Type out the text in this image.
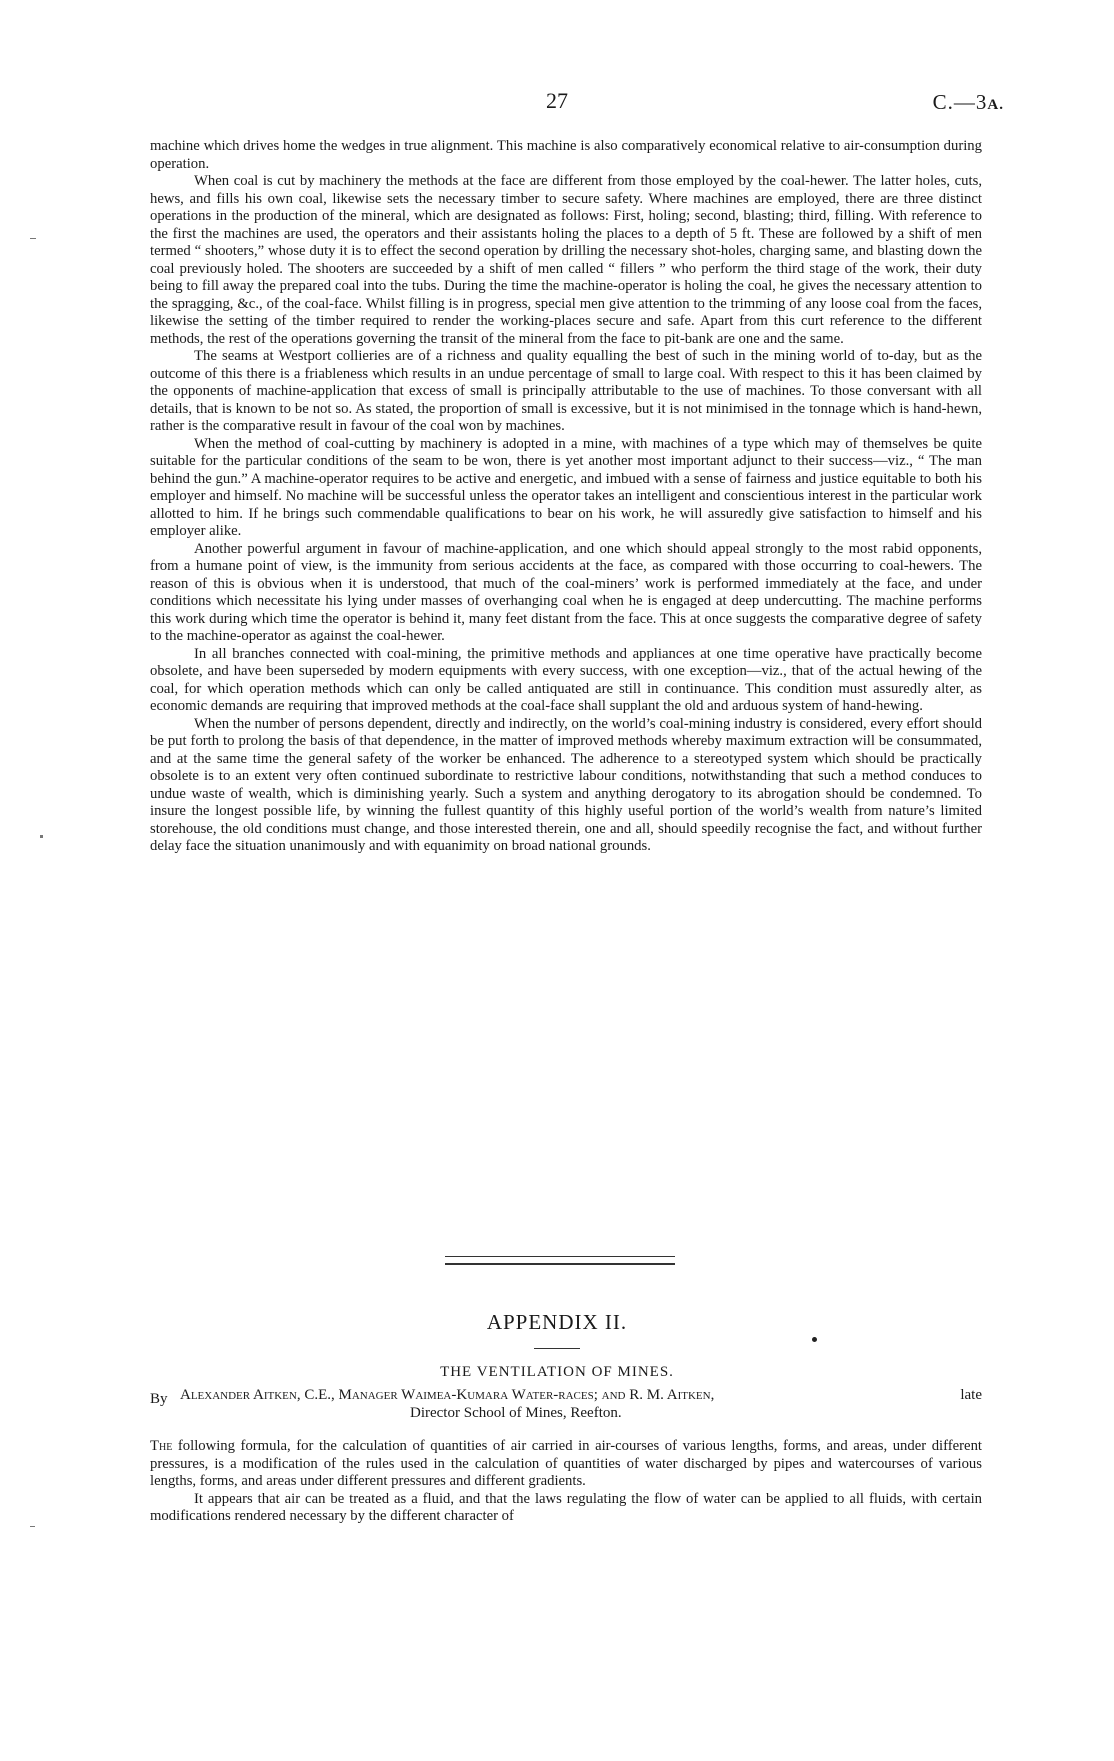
27	C.—3A.

machine which drives home the wedges in true alignment. This machine is also comparatively economical relative to air-consumption during operation.

When coal is cut by machinery the methods at the face are different from those employed by the coal-hewer. The latter holes, cuts, hews, and fills his own coal, likewise sets the necessary timber to secure safety. Where machines are employed, there are three distinct operations in the production of the mineral, which are designated as follows: First, holing; second, blasting; third, filling. With reference to the first the machines are used, the operators and their assistants holing the places to a depth of 5 ft. These are followed by a shift of men termed “ shooters,” whose duty it is to effect the second operation by drilling the necessary shot-holes, charging same, and blasting down the coal previously holed. The shooters are succeeded by a shift of men called “ fillers ” who perform the third stage of the work, their duty being to fill away the prepared coal into the tubs. During the time the machine-operator is holing the coal, he gives the necessary attention to the spragging, &c., of the coal-face. Whilst filling is in progress, special men give attention to the trimming of any loose coal from the faces, likewise the setting of the timber required to render the working-places secure and safe. Apart from this curt reference to the different methods, the rest of the operations governing the transit of the mineral from the face to pit-bank are one and the same.

The seams at Westport collieries are of a richness and quality equalling the best of such in the mining world of to-day, but as the outcome of this there is a friableness which results in an undue percentage of small to large coal. With respect to this it has been claimed by the opponents of machine-application that excess of small is principally attributable to the use of machines. To those conversant with all details, that is known to be not so. As stated, the proportion of small is excessive, but it is not minimised in the tonnage which is hand-hewn, rather is the comparative result in favour of the coal won by machines.

When the method of coal-cutting by machinery is adopted in a mine, with machines of a type which may of themselves be quite suitable for the particular conditions of the seam to be won, there is yet another most important adjunct to their success—viz., “ The man behind the gun.” A machine-operator requires to be active and energetic, and imbued with a sense of fairness and justice equitable to both his employer and himself. No machine will be successful unless the operator takes an intelligent and conscientious interest in the particular work allotted to him. If he brings such commendable qualifications to bear on his work, he will assuredly give satisfaction to himself and his employer alike.

Another powerful argument in favour of machine-application, and one which should appeal strongly to the most rabid opponents, from a humane point of view, is the immunity from serious accidents at the face, as compared with those occurring to coal-hewers. The reason of this is obvious when it is understood, that much of the coal-miners’ work is performed immediately at the face, and under conditions which necessitate his lying under masses of overhanging coal when he is engaged at deep undercutting. The machine performs this work during which time the operator is behind it, many feet distant from the face. This at once suggests the comparative degree of safety to the machine-operator as against the coal-hewer.

In all branches connected with coal-mining, the primitive methods and appliances at one time operative have practically become obsolete, and have been superseded by modern equipments with every success, with one exception—viz., that of the actual hewing of the coal, for which operation methods which can only be called antiquated are still in continuance. This condition must assuredly alter, as economic demands are requiring that improved methods at the coal-face shall supplant the old and arduous system of hand-hewing.

When the number of persons dependent, directly and indirectly, on the world’s coal-mining industry is considered, every effort should be put forth to prolong the basis of that dependence, in the matter of improved methods whereby maximum extraction will be consummated, and at the same time the general safety of the worker be enhanced. The adherence to a stereotyped system which should be practically obsolete is to an extent very often continued subordinate to restrictive labour conditions, notwithstanding that such a method conduces to undue waste of wealth, which is diminishing yearly. Such a system and anything derogatory to its abrogation should be condemned. To insure the longest possible life, by winning the fullest quantity of this highly useful portion of the world’s wealth from nature’s limited storehouse, the old conditions must change, and those interested therein, one and all, should speedily recognise the fact, and without further delay face the situation unanimously and with equanimity on broad national grounds.

APPENDIX II.
THE VENTILATION OF MINES.
By Alexander Aitken, C.E., Manager Waimea-Kumara Water-races; and R. M. Aitken,	late
Director School of Mines, Reefton.

The following formula, for the calculation of quantities of air carried in air-courses of various lengths, forms, and areas, under different pressures, is a modification of the rules used in the calculation of quantities of water discharged by pipes and watercourses of various lengths, forms, and areas under different pressures and different gradients.

It appears that air can be treated as a fluid, and that the laws regulating the flow of water can be applied to all fluids, with certain modifications rendered necessary by the different character of
